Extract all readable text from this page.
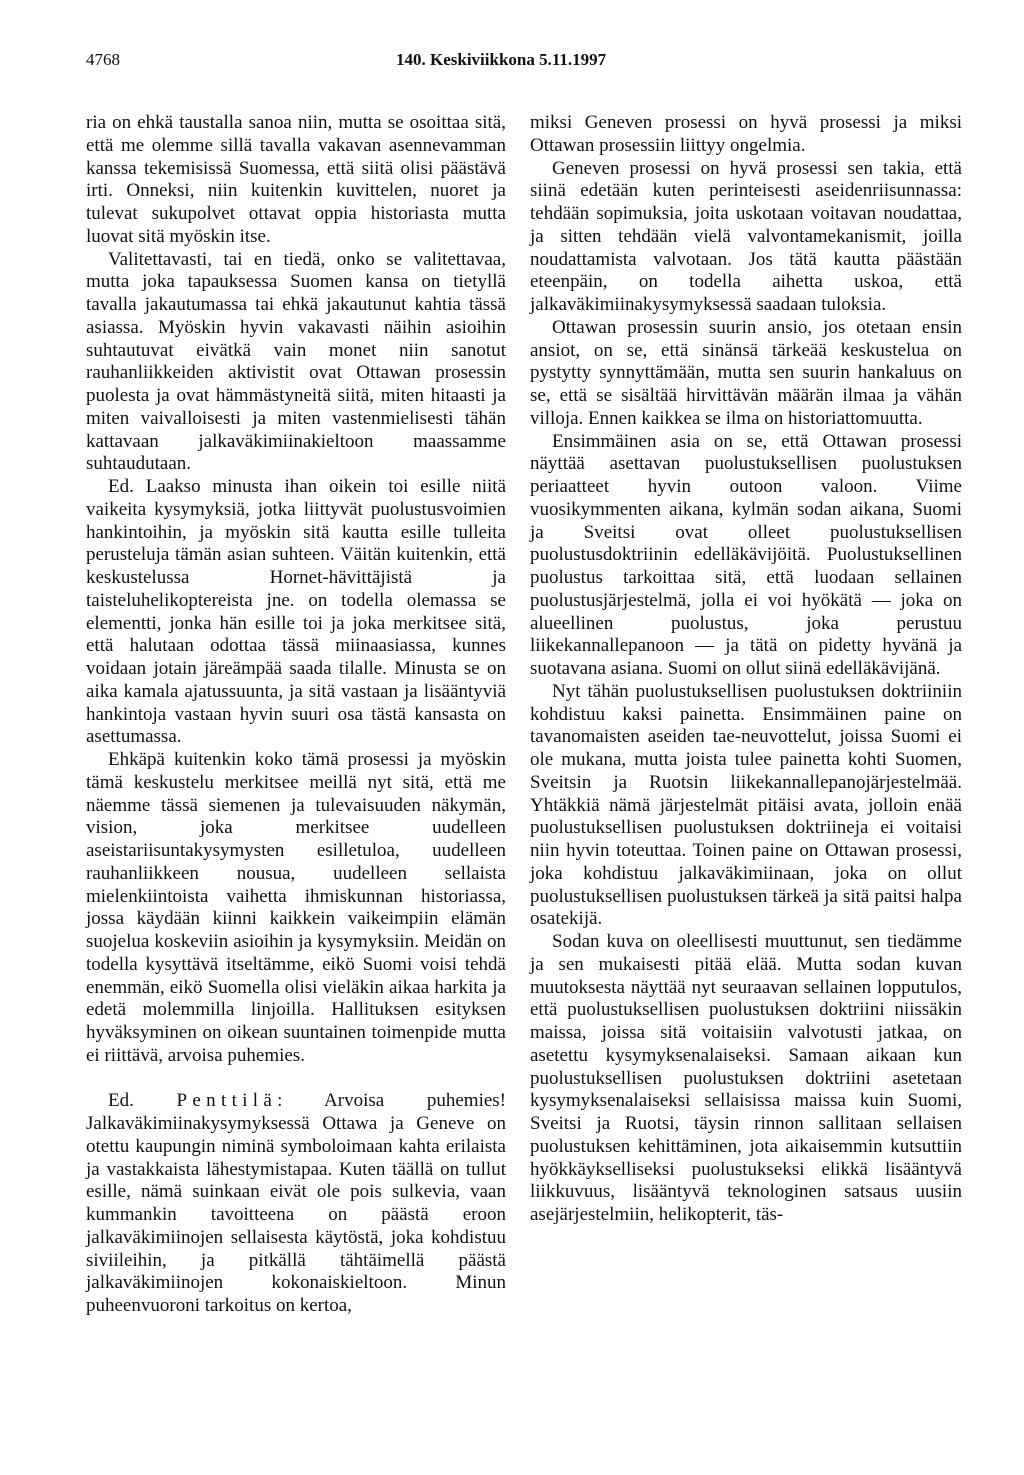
4768	140. Keskiviikkona 5.11.1997

ria on ehkä taustalla sanoa niin, mutta se osoittaa sitä, että me olemme sillä tavalla vakavan asennevamman kanssa tekemisissä Suomessa, että siitä olisi päästävä irti. Onneksi, niin kuitenkin kuvittelen, nuoret ja tulevat sukupolvet ottavat oppia historiasta mutta luovat sitä myöskin itse.

Valitettavasti, tai en tiedä, onko se valitettavaa, mutta joka tapauksessa Suomen kansa on tietyllä tavalla jakautumassa tai ehkä jakautunut kahtia tässä asiassa. Myöskin hyvin vakavasti näihin asioihin suhtautuvat eivätkä vain monet niin sanotut rauhanliikkeiden aktivistit ovat Ottawan prosessin puolesta ja ovat hämmästyneitä siitä, miten hitaasti ja miten vaivalloisesti ja miten vastenmielisesti tähän kattavaan jalkaväkimiinakieltoon maassamme suhtaudutaan.

Ed. Laakso minusta ihan oikein toi esille niitä vaikeita kysymyksiä, jotka liittyvät puolustusvoimien hankintoihin, ja myöskin sitä kautta esille tulleita perusteluja tämän asian suhteen. Väitän kuitenkin, että keskustelussa Hornet-hävittäjistä ja taisteluhelikoptereista jne. on todella olemassa se elementti, jonka hän esille toi ja joka merkitsee sitä, että halutaan odottaa tässä miinaasiassa, kunnes voidaan jotain järeämpää saada tilalle. Minusta se on aika kamala ajatussuunta, ja sitä vastaan ja lisääntyviä hankintoja vastaan hyvin suuri osa tästä kansasta on asettumassa.

Ehkäpä kuitenkin koko tämä prosessi ja myöskin tämä keskustelu merkitsee meillä nyt sitä, että me näemme tässä siemenen ja tulevaisuuden näkymän, vision, joka merkitsee uudelleen aseistariisuntakysymysten esilletuloa, uudelleen rauhanliikkeen nousua, uudelleen sellaista mielenkiintoista vaihetta ihmiskunnan historiassa, jossa käydään kiinni kaikkein vaikeimpiin elämän suojelua koskeviin asioihin ja kysymyksiin. Meidän on todella kysyttävä itseltämme, eikö Suomi voisi tehdä enemmän, eikö Suomella olisi vieläkin aikaa harkita ja edetä molemmilla linjoilla. Hallituksen esityksen hyväksyminen on oikean suuntainen toimenpide mutta ei riittävä, arvoisa puhemies.

Ed. Penttilä: Arvoisa puhemies! Jalkaväkimiinakysymyksessä Ottawa ja Geneve on otettu kaupungin niminä symboloimaan kahta erilaista ja vastakkaista lähestymistapaa. Kuten täällä on tullut esille, nämä suinkaan eivät ole pois sulkevia, vaan kummankin tavoitteena on päästä eroon jalkaväkimiinojen sellaisesta käytöstä, joka kohdistuu siviileihin, ja pitkällä tähtäimellä päästä jalkaväkimiinojen kokonaiskieltoon. Minun puheenvuoroni tarkoitus on kertoa,

miksi Geneven prosessi on hyvä prosessi ja miksi Ottawan prosessiin liittyy ongelmia.

Geneven prosessi on hyvä prosessi sen takia, että siinä edetään kuten perinteisesti aseidenriisunnassa: tehdään sopimuksia, joita uskotaan voitavan noudattaa, ja sitten tehdään vielä valvontamekanismit, joilla noudattamista valvotaan. Jos tätä kautta päästään eteenpäin, on todella aihetta uskoa, että jalkaväkimiinakysymyksessä saadaan tuloksia.

Ottawan prosessin suurin ansio, jos otetaan ensin ansiot, on se, että sinänsä tärkeää keskustelua on pystytty synnyttämään, mutta sen suurin hankaluus on se, että se sisältää hirvittävän määrän ilmaa ja vähän villoja. Ennen kaikkea se ilma on historiattomuutta.

Ensimmäinen asia on se, että Ottawan prosessi näyttää asettavan puolustuksellisen puolustuksen periaatteet hyvin outoon valoon. Viime vuosikymmenten aikana, kylmän sodan aikana, Suomi ja Sveitsi ovat olleet puolustuksellisen puolustusdoktriinin edelläkävijöitä. Puolustuksellinen puolustus tarkoittaa sitä, että luodaan sellainen puolustusjärjestelmä, jolla ei voi hyökätä — joka on alueellinen puolustus, joka perustuu liikekannallepanoon — ja tätä on pidetty hyvänä ja suotavana asiana. Suomi on ollut siinä edelläkävijänä.

Nyt tähän puolustuksellisen puolustuksen doktriiniin kohdistuu kaksi painetta. Ensimmäinen paine on tavanomaisten aseiden tae-neuvottelut, joissa Suomi ei ole mukana, mutta joista tulee painetta kohti Suomen, Sveitsin ja Ruotsin liikekannallepanojärjestelmää. Yhtäkkiä nämä järjestelmät pitäisi avata, jolloin enää puolustuksellisen puolustuksen doktriineja ei voitaisi niin hyvin toteuttaa. Toinen paine on Ottawan prosessi, joka kohdistuu jalkaväkimiinaan, joka on ollut puolustuksellisen puolustuksen tärkeä ja sitä paitsi halpa osatekijä.

Sodan kuva on oleellisesti muuttunut, sen tiedämme ja sen mukaisesti pitää elää. Mutta sodan kuvan muutoksesta näyttää nyt seuraavan sellainen lopputulos, että puolustuksellisen puolustuksen doktriini niissäkin maissa, joissa sitä voitaisiin valvotusti jatkaa, on asetettu kysymyksenalaiseksi. Samaan aikaan kun puolustuksellisen puolustuksen doktriini asetetaan kysymyksenalaiseksi sellaisissa maissa kuin Suomi, Sveitsi ja Ruotsi, täysin rinnon sallitaan sellaisen puolustuksen kehittäminen, jota aikaisemmin kutsuttiin hyökkäykselliseksi puolustukseksi elikkä lisääntyvä liikkuvuus, lisääntyvä teknologinen satsaus uusiin asejärjestelmiin, helikopterit, täs-
